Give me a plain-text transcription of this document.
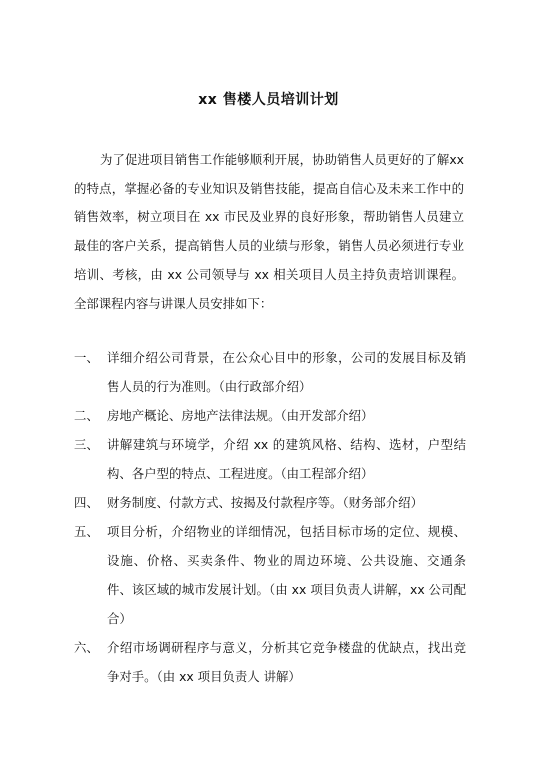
xx 售楼人员培训计划

为了促进项目销售工作能够顺利开展，协助销售人员更好的了解xx的特点，掌握必备的专业知识及销售技能，提高自信心及未来工作中的销售效率，树立项目在 xx 市民及业界的良好形象，帮助销售人员建立最佳的客户关系，提高销售人员的业绩与形象，销售人员必须进行专业培训、考核，由 xx 公司领导与 xx 相关项目人员主持负责培训课程。全部课程内容与讲课人员安排如下：

一、 详细介绍公司背景，在公众心目中的形象，公司的发展目标及销售人员的行为准则。（由行政部介绍）
二、 房地产概论、房地产法律法规。（由开发部介绍）
三、 讲解建筑与环境学，介绍 xx 的建筑风格、结构、选材，户型结构、各户型的特点、工程进度。（由工程部介绍）
四、 财务制度、付款方式、按揭及付款程序等。（财务部介绍）
五、 项目分析，介绍物业的详细情况，包括目标市场的定位、规模、设施、价格、买卖条件、物业的周边环境、公共设施、交通条件、该区域的城市发展计划。（由 xx 项目负责人讲解，xx 公司配合）
六、 介绍市场调研程序与意义，分析其它竞争楼盘的优缺点，找出竞争对手。（由 xx 项目负责人 讲解）
